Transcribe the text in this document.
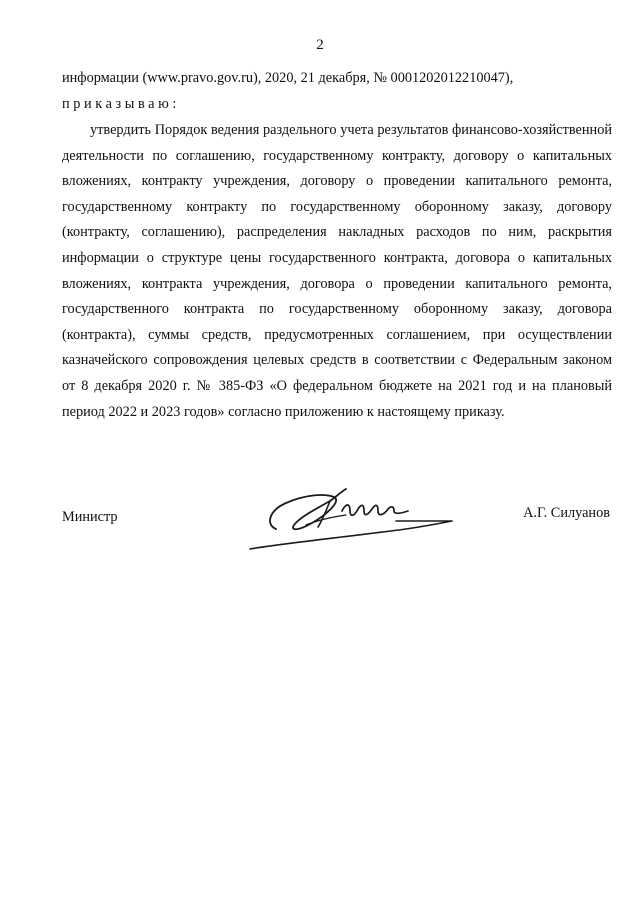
2
информации (www.pravo.gov.ru), 2020, 21 декабря, № 0001202012210047),
приказываю:
утвердить Порядок ведения раздельного учета результатов финансово-хозяйственной деятельности по соглашению, государственному контракту, договору о капитальных вложениях, контракту учреждения, договору о проведении капитального ремонта, государственному контракту по государственному оборонному заказу, договору (контракту, соглашению), распределения накладных расходов по ним, раскрытия информации о структуре цены государственного контракта, договора о капитальных вложениях, контракта учреждения, договора о проведении капитального ремонта, государственного контракта по государственному оборонному заказу, договора (контракта), суммы средств, предусмотренных соглашением, при осуществлении казначейского сопровождения целевых средств в соответствии с Федеральным законом от 8 декабря 2020 г. № 385-ФЗ «О федеральном бюджете на 2021 год и на плановый период 2022 и 2023 годов» согласно приложению к настоящему приказу.
Министр	А.Г. Силуанов
